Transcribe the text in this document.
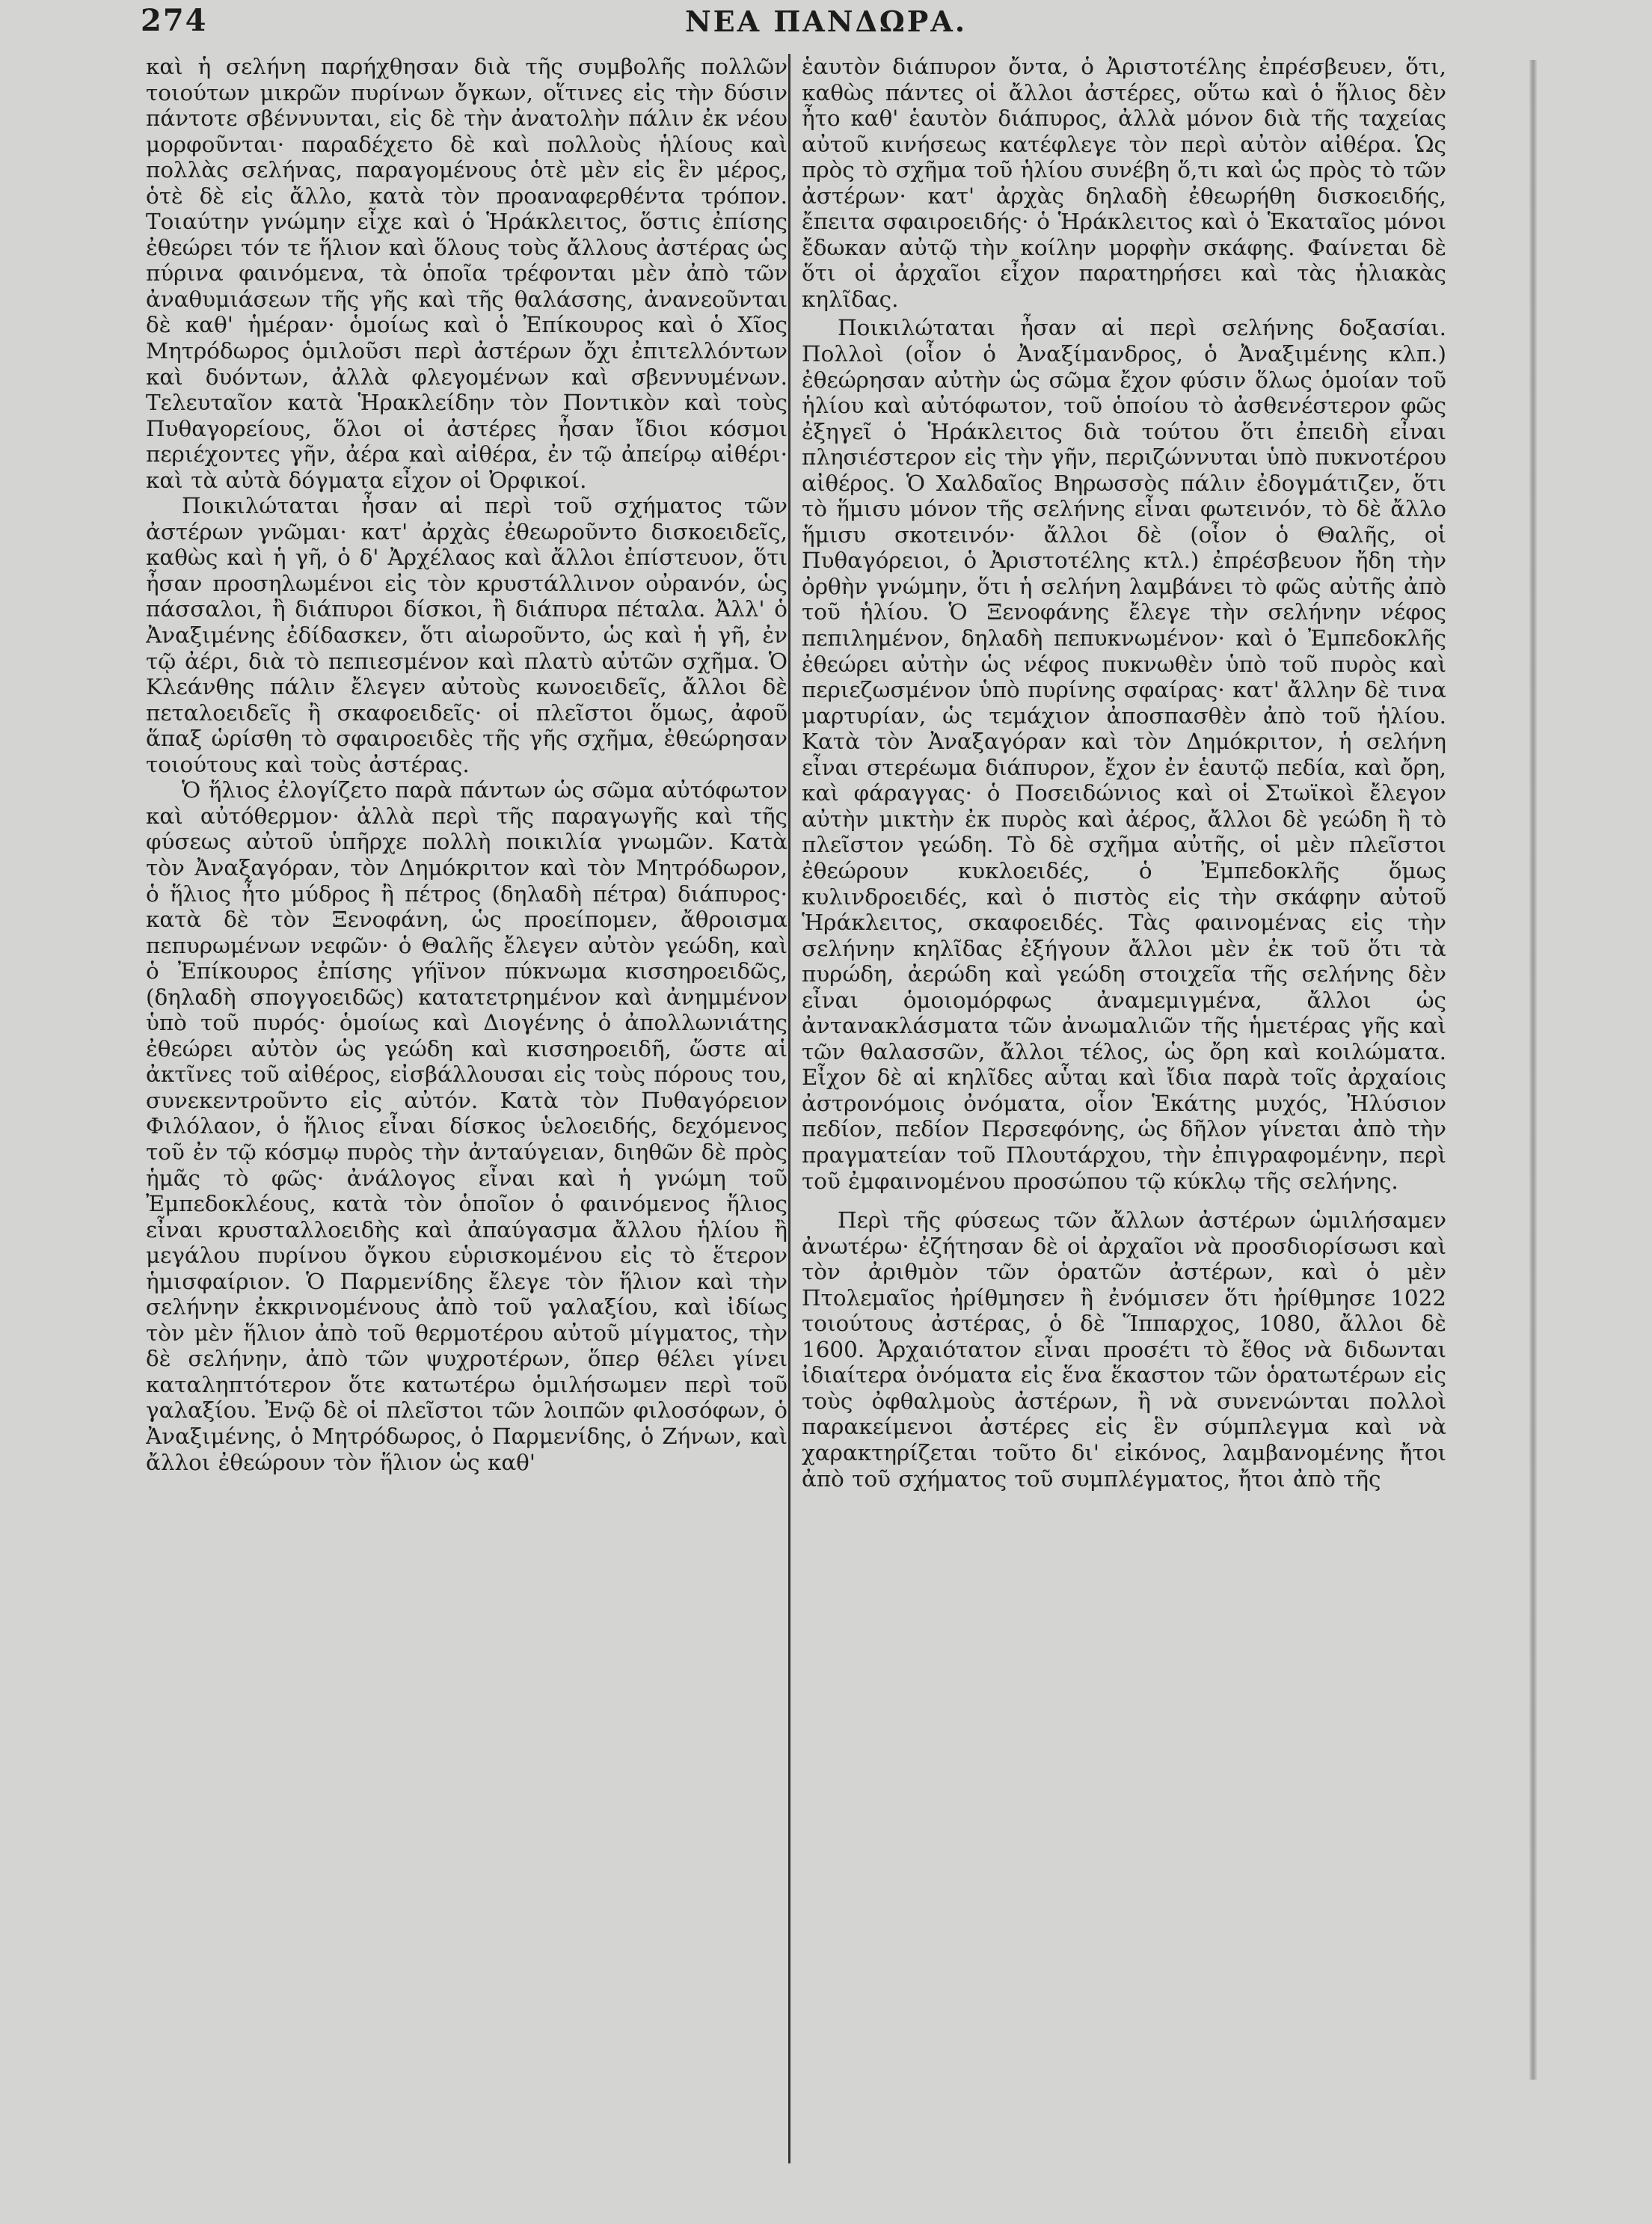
274	ΝΕΑ ΠΑΝΔΩΡΑ.

καὶ ἡ σελήνη παρήχθησαν διὰ τῆς συμβολῆς πολλῶν τοιούτων μικρῶν πυρίνων ὄγκων, οἵτινες εἰς τὴν δύσιν πάντοτε σβέννυνται, εἰς δὲ τὴν ἀνατολὴν πάλιν ἐκ νέου μορφοῦνται· παραδέχετο δὲ καὶ πολλοὺς ἡλίους καὶ πολλὰς σελήνας, παραγομένους ὁτὲ μὲν εἰς ἓν μέρος, ὁτὲ δὲ εἰς ἄλλο, κατὰ τὸν προαναφερθέντα τρόπον. Τοιαύτην γνώμην εἶχε καὶ ὁ Ἡράκλειτος, ὅστις ἐπίσης ἐθεώρει τόν τε ἥλιον καὶ ὅλους τοὺς ἄλλους ἀστέρας ὡς πύρινα φαινόμενα, τὰ ὁποῖα τρέφονται μὲν ἀπὸ τῶν ἀναθυμιάσεων τῆς γῆς καὶ τῆς θαλάσσης, ἀνανεοῦνται δὲ καθ' ἡμέραν· ὁμοίως καὶ ὁ Ἐπίκουρος καὶ ὁ Χῖος Μητρόδωρος ὁμιλοῦσι περὶ ἀστέρων ὄχι ἐπιτελλόντων καὶ δυόντων, ἀλλὰ φλεγομένων καὶ σβεννυμένων. Τελευταῖον κατὰ Ἡρακλείδην τὸν Ποντικὸν καὶ τοὺς Πυθαγορείους, ὅλοι οἱ ἀστέρες ἦσαν ἴδιοι κόσμοι περιέχοντες γῆν, ἀέρα καὶ αἰθέρα, ἐν τῷ ἀπείρῳ αἰθέρι· καὶ τὰ αὐτὰ δόγματα εἶχον οἱ Ὀρφικοί.

Ποικιλώταται ἦσαν αἱ περὶ τοῦ σχήματος τῶν ἀστέρων γνῶμαι· κατ' ἀρχὰς ἐθεωροῦντο δισκοειδεῖς, καθὼς καὶ ἡ γῆ, ὁ δ' Ἀρχέλαος καὶ ἄλλοι ἐπίστευον, ὅτι ἦσαν προσηλωμένοι εἰς τὸν κρυστάλλινον οὐρανόν, ὡς πάσσαλοι, ἢ διάπυροι δίσκοι, ἢ διάπυρα πέταλα. Ἀλλ' ὁ Ἀναξιμένης ἐδίδασκεν, ὅτι αἰωροῦντο, ὡς καὶ ἡ γῆ, ἐν τῷ ἀέρι, διὰ τὸ πεπιεσμένον καὶ πλατὺ αὐτῶν σχῆμα. Ὁ Κλεάνθης πάλιν ἔλεγεν αὐτοὺς κωνοειδεῖς, ἄλλοι δὲ πεταλοειδεῖς ἢ σκαφοειδεῖς· οἱ πλεῖστοι ὅμως, ἀφοῦ ἅπαξ ὡρίσθη τὸ σφαιροειδὲς τῆς γῆς σχῆμα, ἐθεώρησαν τοιούτους καὶ τοὺς ἀστέρας.

Ὁ ἥλιος ἐλογίζετο παρὰ πάντων ὡς σῶμα αὐτόφωτον καὶ αὐτόθερμον· ἀλλὰ περὶ τῆς παραγωγῆς καὶ τῆς φύσεως αὐτοῦ ὑπῆρχε πολλὴ ποικιλία γνωμῶν. Κατὰ τὸν Ἀναξαγόραν, τὸν Δημόκριτον καὶ τὸν Μητρόδωρον, ὁ ἥλιος ἦτο μύδρος ἢ πέτρος (δηλαδὴ πέτρα) διάπυρος· κατὰ δὲ τὸν Ξενοφάνη, ὡς προείπομεν, ἄθροισμα πεπυρωμένων νεφῶν· ὁ Θαλῆς ἔλεγεν αὐτὸν γεώδη, καὶ ὁ Ἐπίκουρος ἐπίσης γήϊνον πύκνωμα κισσηροειδῶς, (δηλαδὴ σπογγοειδῶς) κατατετρημένον καὶ ἀνημμένον ὑπὸ τοῦ πυρός· ὁμοίως καὶ Διογένης ὁ ἀπολλωνιάτης ἐθεώρει αὐτὸν ὡς γεώδη καὶ κισσηροειδῆ, ὥστε αἱ ἀκτῖνες τοῦ αἰθέρος, εἰσβάλλουσαι εἰς τοὺς πόρους του, συνεκεντροῦντο εἰς αὐτόν. Κατὰ τὸν Πυθαγόρειον Φιλόλαον, ὁ ἥλιος εἶναι δίσκος ὑελοειδής, δεχόμενος τοῦ ἐν τῷ κόσμῳ πυρὸς τὴν ἀνταύγειαν, διηθῶν δὲ πρὸς ἡμᾶς τὸ φῶς· ἀνάλογος εἶναι καὶ ἡ γνώμη τοῦ Ἐμπεδοκλέους, κατὰ τὸν ὁποῖον ὁ φαινόμενος ἥλιος εἶναι κρυσταλλοειδὴς καὶ ἀπαύγασμα ἄλλου ἡλίου ἢ μεγάλου πυρίνου ὄγκου εὑρισκομένου εἰς τὸ ἕτερον ἡμισφαίριον. Ὁ Παρμενίδης ἔλεγε τὸν ἥλιον καὶ τὴν σελήνην ἐκκρινομένους ἀπὸ τοῦ γαλαξίου, καὶ ἰδίως τὸν μὲν ἥλιον ἀπὸ τοῦ θερμοτέρου αὐτοῦ μίγματος, τὴν δὲ σελήνην, ἀπὸ τῶν ψυχροτέρων, ὅπερ θέλει γίνει καταληπτότερον ὅτε κατωτέρω ὁμιλήσωμεν περὶ τοῦ γαλαξίου. Ἐνῷ δὲ οἱ πλεῖστοι τῶν λοιπῶν φιλοσόφων, ὁ Ἀναξιμένης, ὁ Μητρόδωρος, ὁ Παρμενίδης, ὁ Ζήνων, καὶ ἄλλοι ἐθεώρουν τὸν ἥλιον ὡς καθ'

ἑαυτὸν διάπυρον ὄντα, ὁ Ἀριστοτέλης ἐπρέσβευεν, ὅτι, καθὼς πάντες οἱ ἄλλοι ἀστέρες, οὕτω καὶ ὁ ἥλιος δὲν ἦτο καθ' ἑαυτὸν διάπυρος, ἀλλὰ μόνον διὰ τῆς ταχείας αὐτοῦ κινήσεως κατέφλεγε τὸν περὶ αὐτὸν αἰθέρα. Ὡς πρὸς τὸ σχῆμα τοῦ ἡλίου συνέβη ὅ,τι καὶ ὡς πρὸς τὸ τῶν ἀστέρων· κατ' ἀρχὰς δηλαδὴ ἐθεωρήθη δισκοειδής, ἔπειτα σφαιροειδής· ὁ Ἡράκλειτος καὶ ὁ Ἑκαταῖος μόνοι ἔδωκαν αὐτῷ τὴν κοίλην μορφὴν σκάφης. Φαίνεται δὲ ὅτι οἱ ἀρχαῖοι εἶχον παρατηρήσει καὶ τὰς ἡλιακὰς κηλῖδας.

Ποικιλώταται ἦσαν αἱ περὶ σελήνης δοξασίαι. Πολλοὶ (οἷον ὁ Ἀναξίμανδρος, ὁ Ἀναξιμένης κλπ.) ἐθεώρησαν αὐτὴν ὡς σῶμα ἔχον φύσιν ὅλως ὁμοίαν τοῦ ἡλίου καὶ αὐτόφωτον, τοῦ ὁποίου τὸ ἀσθενέστερον φῶς ἐξηγεῖ ὁ Ἡράκλειτος διὰ τούτου ὅτι ἐπειδὴ εἶναι πλησιέστερον εἰς τὴν γῆν, περιζώννυται ὑπὸ πυκνοτέρου αἰθέρος. Ὁ Χαλδαῖος Βηρωσσὸς πάλιν ἐδογμάτιζεν, ὅτι τὸ ἥμισυ μόνον τῆς σελήνης εἶναι φωτεινόν, τὸ δὲ ἄλλο ἥμισυ σκοτεινόν· ἄλλοι δὲ (οἷον ὁ Θαλῆς, οἱ Πυθαγόρειοι, ὁ Ἀριστοτέλης κτλ.) ἐπρέσβευον ἤδη τὴν ὀρθὴν γνώμην, ὅτι ἡ σελήνη λαμβάνει τὸ φῶς αὐτῆς ἀπὸ τοῦ ἡλίου. Ὁ Ξενοφάνης ἔλεγε τὴν σελήνην νέφος πεπιλημένον, δηλαδὴ πεπυκνωμένον· καὶ ὁ Ἐμπεδοκλῆς ἐθεώρει αὐτὴν ὡς νέφος πυκνωθὲν ὑπὸ τοῦ πυρὸς καὶ περιεζωσμένον ὑπὸ πυρίνης σφαίρας· κατ' ἄλλην δὲ τινα μαρτυρίαν, ὡς τεμάχιον ἀποσπασθὲν ἀπὸ τοῦ ἡλίου. Κατὰ τὸν Ἀναξαγόραν καὶ τὸν Δημόκριτον, ἡ σελήνη εἶναι στερέωμα διάπυρον, ἔχον ἐν ἑαυτῷ πεδία, καὶ ὄρη, καὶ φάραγγας· ὁ Ποσειδώνιος καὶ οἱ Στωϊκοὶ ἔλεγον αὐτὴν μικτὴν ἐκ πυρὸς καὶ ἀέρος, ἄλλοι δὲ γεώδη ἢ τὸ πλεῖστον γεώδη. Τὸ δὲ σχῆμα αὐτῆς, οἱ μὲν πλεῖστοι ἐθεώρουν κυκλοειδές, ὁ Ἐμπεδοκλῆς ὅμως κυλινδροειδές, καὶ ὁ πιστὸς εἰς τὴν σκάφην αὐτοῦ Ἡράκλειτος, σκαφοειδές. Τὰς φαινομένας εἰς τὴν σελήνην κηλῖδας ἐξήγουν ἄλλοι μὲν ἐκ τοῦ ὅτι τὰ πυρώδη, ἀερώδη καὶ γεώδη στοιχεῖα τῆς σελήνης δὲν εἶναι ὁμοιομόρφως ἀναμεμιγμένα, ἄλλοι ὡς ἀντανακλάσματα τῶν ἀνωμαλιῶν τῆς ἡμετέρας γῆς καὶ τῶν θαλασσῶν, ἄλλοι τέλος, ὡς ὄρη καὶ κοιλώματα. Εἶχον δὲ αἱ κηλῖδες αὗται καὶ ἴδια παρὰ τοῖς ἀρχαίοις ἀστρονόμοις ὀνόματα, οἷον Ἑκάτης μυχός, Ἠλύσιον πεδίον, πεδίον Περσεφόνης, ὡς δῆλον γίνεται ἀπὸ τὴν πραγματείαν τοῦ Πλουτάρχου, τὴν ἐπιγραφομένην, περὶ τοῦ ἐμφαινομένου προσώπου τῷ κύκλῳ τῆς σελήνης.

Περὶ τῆς φύσεως τῶν ἄλλων ἀστέρων ὡμιλήσαμεν ἀνωτέρω· ἐζήτησαν δὲ οἱ ἀρχαῖοι νὰ προσδιορίσωσι καὶ τὸν ἀριθμὸν τῶν ὁρατῶν ἀστέρων, καὶ ὁ μὲν Πτολεμαῖος ἠρίθμησεν ἢ ἐνόμισεν ὅτι ἠρίθμησε 1022 τοιούτους ἀστέρας, ὁ δὲ Ἵππαρχος, 1080, ἄλλοι δὲ 1600. Ἀρχαιότατον εἶναι προσέτι τὸ ἔθος νὰ διδωνται ἰδιαίτερα ὀνόματα εἰς ἕνα ἕκαστον τῶν ὁρατωτέρων εἰς τοὺς ὀφθαλμοὺς ἀστέρων, ἢ νὰ συνενώνται πολλοὶ παρακείμενοι ἀστέρες εἰς ἓν σύμπλεγμα καὶ νὰ χαρακτηρίζεται τοῦτο δι' εἰκόνος, λαμβανομένης ἤτοι ἀπὸ τοῦ σχήματος τοῦ συμπλέγματος, ἤτοι ἀπὸ τῆς
